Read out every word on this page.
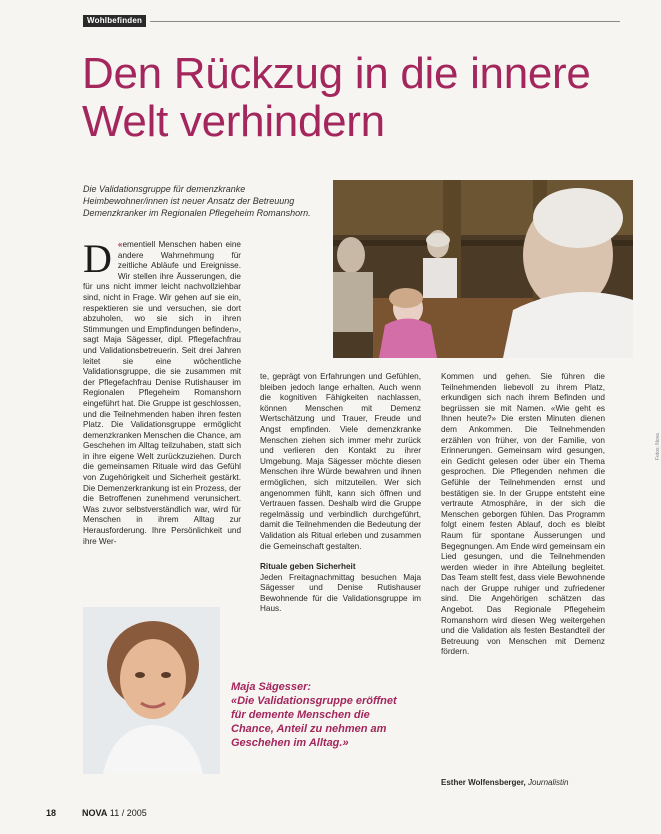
Wohlbefinden
Den Rückzug in die innere Welt verhindern
Die Validationsgruppe für demenzkranke Heimbewohner/innen ist neuer Ansatz der Betreuung Demenzkranker im Regionalen Pflegeheim Romanshorn.
Fotos: Nova

«
D ementiell Menschen haben eine andere Wahrnehmung für zeitliche Abläufe und Ereignisse. Wir stellen ihre Äusserungen, die für uns nicht immer leicht nachvollziehbar sind, nicht in Frage. Wir gehen auf sie ein, respektieren sie und versuchen, sie dort abzuholen, wo sie sich in ihren Stimmungen und Empfindungen befinden», sagt Maja Sägesser, dipl. Pflegefachfrau und Validationsbetreuerin. Seit drei Jahren leitet sie eine wöchentliche Validationsgruppe, die sie zusammen mit der Pflegefachfrau Denise Rutishauser im Regionalen Pflegeheim Romanshorn eingeführt hat. Die Gruppe ist geschlossen, und die Teilnehmenden haben ihren festen Platz. Die Validationsgruppe ermöglicht demenzkranken Menschen die Chance, am Geschehen im Alltag teilzuhaben, statt sich in ihre eigene Welt zurückzuziehen. Durch die gemeinsamen Rituale wird das Gefühl von Zugehörigkeit und Sicherheit gestärkt. Die Demenzerkrankung ist ein Prozess, der die Betroffenen zunehmend verunsichert. Was zuvor selbstverständlich war, wird für Menschen in ihrem Alltag zur Herausforderung. Ihre Persönlichkeit und ihre Wer-

te, geprägt von Erfahrungen und Gefühlen, bleiben jedoch lange erhalten. Auch wenn die kognitiven Fähigkeiten nachlassen, können Menschen mit Demenz Wertschätzung und Trauer, Freude und Angst empfinden. Viele demenzkranke Menschen ziehen sich immer mehr zurück und verlieren den Kontakt zu ihrer Umgebung. Maja Sägesser möchte diesen Menschen ihre Würde bewahren und ihnen ermöglichen, sich mitzuteilen. Wer sich angenommen fühlt, kann sich öffnen und Vertrauen fassen. Deshalb wird die Gruppe regelmässig und verbindlich durchgeführt, damit die Teilnehmenden die Bedeutung der Validation als Ritual erleben und zusammen die Gemeinschaft gestalten.

Rituale geben Sicherheit

Jeden Freitagnachmittag besuchen Maja Sägesser und Denise Rutishauser Bewohnende für die Validationsgruppe im Haus.

Kommen und gehen. Sie führen die Teilnehmenden liebevoll zu ihrem Platz, erkundigen sich nach ihrem Befinden und begrüssen sie mit Namen. «Wie geht es Ihnen heute?» Die ersten Minuten dienen dem Ankommen. Die Teilnehmenden erzählen von früher, von der Familie, von Erinnerungen. Gemeinsam wird gesungen, ein Gedicht gelesen oder über ein Thema gesprochen. Die Pflegenden nehmen die Gefühle der Teilnehmenden ernst und bestätigen sie. In der Gruppe entsteht eine vertraute Atmosphäre, in der sich die Menschen geborgen fühlen. Das Programm folgt einem festen Ablauf, doch es bleibt Raum für spontane Äusserungen und Begegnungen. Am Ende wird gemeinsam ein Lied gesungen, und die Teilnehmenden werden wieder in ihre Abteilung begleitet. Das Team stellt fest, dass viele Bewohnende nach der Gruppe ruhiger und zufriedener sind. Die Angehörigen schätzen das Angebot. Das Regionale Pflegeheim Romanshorn wird diesen Weg weitergehen und die Validation als festen Bestandteil der Betreuung von Menschen mit Demenz fördern.

Maja Sägesser:
«Die Validationsgruppe eröffnet für demente Menschen die Chance, Anteil zu nehmen am Geschehen im Alltag.»
Esther Wolfensberger, Journalistin
18	NOVA 11 / 2005
